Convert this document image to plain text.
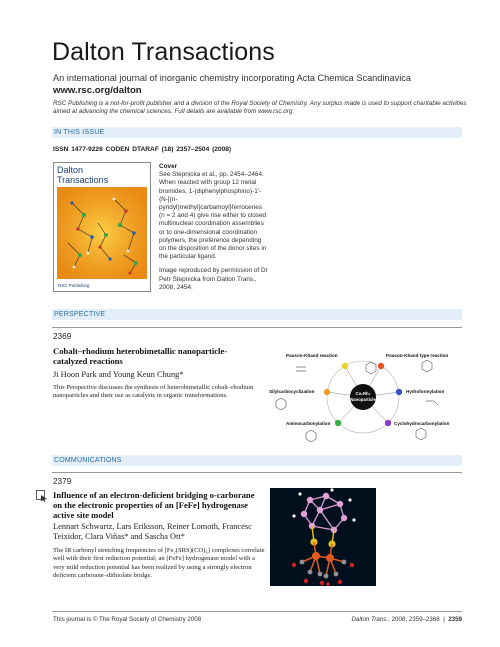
Dalton Transactions
An international journal of inorganic chemistry incorporating Acta Chemica Scandinavica
www.rsc.org/dalton
RSC Publishing is a not-for-profit publisher and a division of the Royal Society of Chemistry. Any surplus made is used to support charitable activities aimed at advancing the chemical sciences. Full details are available from www.rsc.org
IN THIS ISSUE
ISSN 1477-9226 CODEN DTARAF (18) 2357–2504 (2008)
Dalton
Transactions
RSC Publishing
Cover
See Stepnicka et al., pp. 2454–2464.
When reacted with group 12 metal bromides, 1-(diphenylphosphino)-1′-{N-[(n-pyridyl)methyl]carbamoyl}ferrocenes (n = 2 and 4) give rise either to closed multinuclear coordination assemblies or to one-dimensional coordination polymers, the preference depending on the disposition of the donor sites in the particular ligand.
Image reproduced by permission of Dr Petr Stepnicka from Dalton Trans., 2008, 2454.
PERSPECTIVE
2369
Cobalt–rhodium heterobimetallic nanoparticle-catalyzed reactions
Ji Hoon Park and Young Keun Chung*
This Perspective discusses the synthesis of heterobimetallic cobalt–rhodium nanoparticles and their use as catalysts in organic transformations.	Co₂Rh₂
Nanoparticle
Pauson-Khand reaction	Pauson-Khand type reaction
Silylcarbocyclization	Hydroformylation
Aminocarbonylation	Cyclohydrocarbonylation
COMMUNICATIONS
2379
Influence of an electron-deficient bridging o-carborane on the electronic properties of an [FeFe] hydrogenase active site model
Lennart Schwartz, Lars Eriksson, Reiner Lomoth, Francesc Teixidor, Clara Viñas* and Sascha Ott*
The IR carbonyl stretching frequencies of [Fe₂(SRS)(CO)₆] complexes correlate well with their first reduction potential; an [FeFe] hydrogenase model with a very mild reduction potential has been realized by using a strongly electron deficient carborane–dithiolate bridge.
This journal is © The Royal Society of Chemistry 2008	Dalton Trans., 2008, 2359–2368  |  2359
